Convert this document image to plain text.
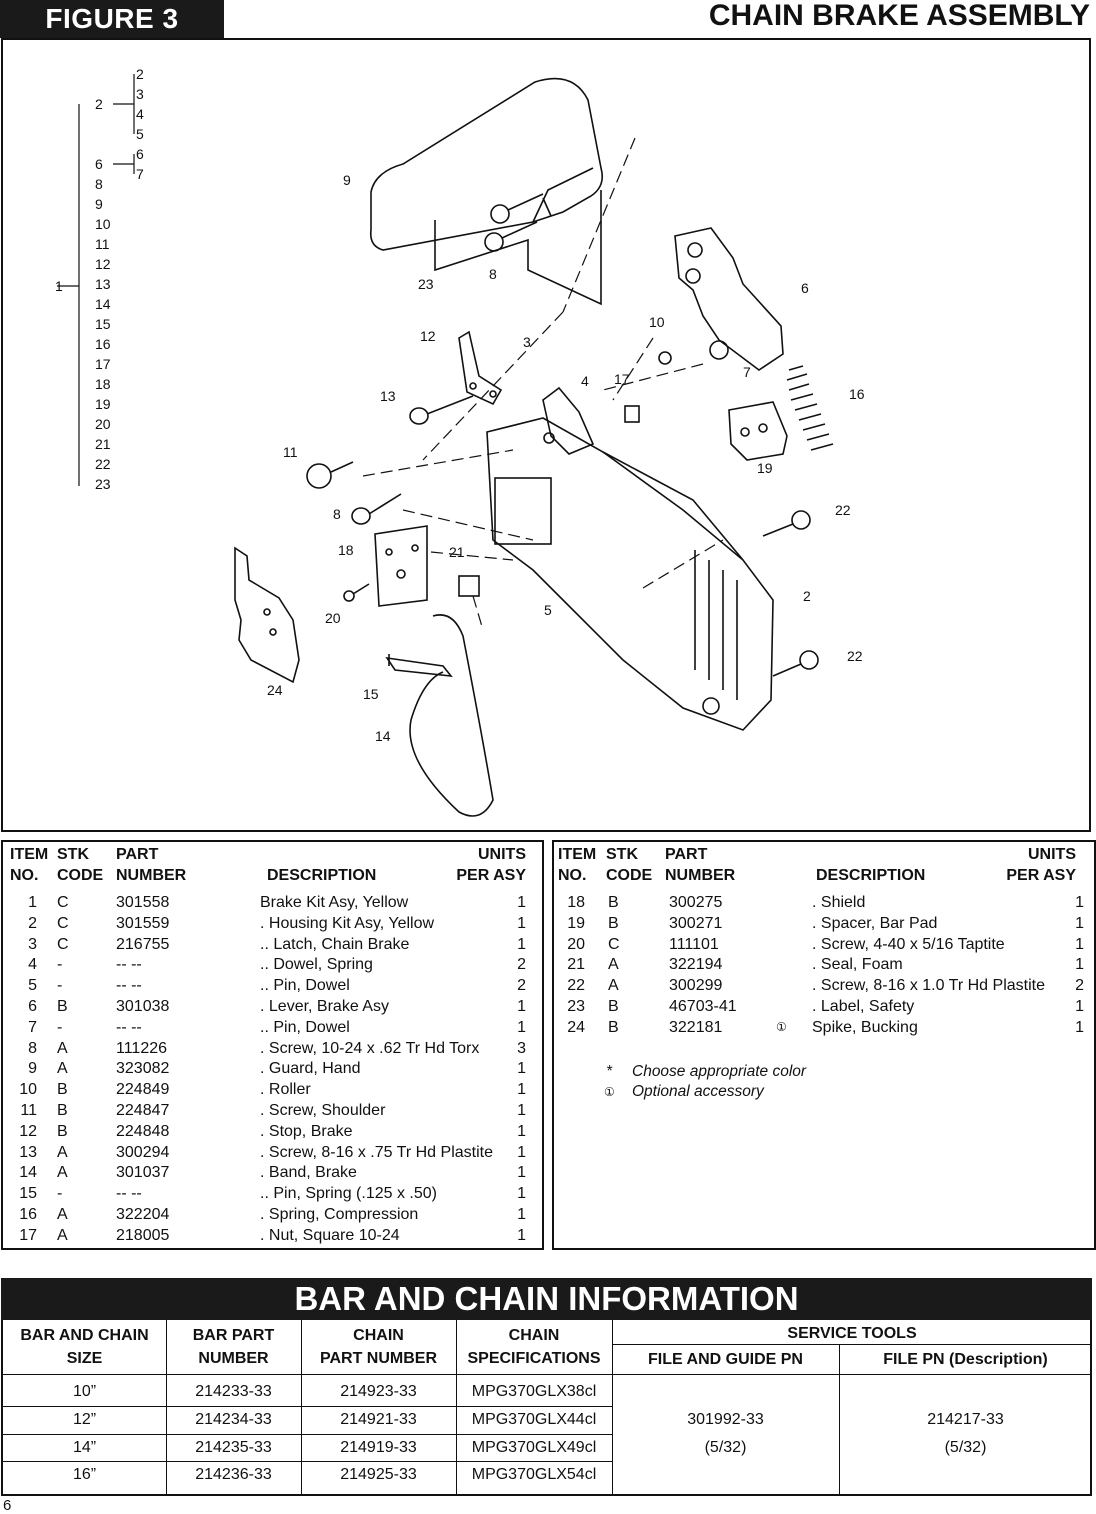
FIGURE 3	CHAIN BRAKE ASSEMBLY
1
2
6
8
9
10
11
12
13
14
15
16
17
18
19
20
21
22
23
2
3
4
5
6
7	9
23
8
6
10
7
16
12	3
4 17
13
19
11
22
8
18	21
2
20	5
22
24	15
14
ITEM
NO.
STK
CODE
PART
NUMBER	DESCRIPTION
UNITS
PER ASY
1 C	301558	Brake Kit Asy, Yellow	1
2 C	301559	. Housing Kit Asy, Yellow	1
3 C	216755	.. Latch, Chain Brake	1
4 -	-- --	.. Dowel, Spring	2
5 -	-- --	.. Pin, Dowel	2
6 B	301038	. Lever, Brake Asy	1
7 -	-- --	.. Pin, Dowel	1
8 A	111226	. Screw, 10-24 x .62 Tr Hd Torx 3
9 A	323082	. Guard, Hand	1
10 B	224849	. Roller	1
11 B	224847	. Screw, Shoulder	1
12 B	224848	. Stop, Brake	1
13 A	300294	. Screw, 8-16 x .75 Tr Hd Plastite 1
14 A	301037	. Band, Brake	1
15 -	-- --	.. Pin, Spring (.125 x .50)	1
16 A	322204	. Spring, Compression	1
17 A	218005	. Nut, Square 10-24	1
ITEM
NO.
STK
CODE
PART
NUMBER	DESCRIPTION
UNITS
PER ASY
18 B	300275	. Shield	1
19 B	300271	. Spacer, Bar Pad	1
20 C	111101	. Screw, 4-40 x 5/16 Taptite	1
21 A	322194	. Seal, Foam	1
22 A	300299	. Screw, 8-16 x 1.0 Tr Hd Plastite 2
23 B	46703-41	. Label, Safety	1
24 B	322181	① Spike, Bucking	1
* Choose appropriate color
① Optional accessory
BAR AND CHAIN INFORMATION
BAR AND CHAIN
SIZE
BAR PART
NUMBER
CHAIN
PART NUMBER
CHAIN
SPECIFICATIONS
SERVICE TOOLS
FILE AND GUIDE PN	FILE PN (Description)
10”	214233-33	214923-33	MPG370GLX38cl
12”	214234-33	214921-33	MPG370GLX44cl
14”	214235-33	214919-33	MPG370GLX49cl
16”	214236-33	214925-33	MPG370GLX54cl
301992-33
(5/32)
214217-33
(5/32)
6
